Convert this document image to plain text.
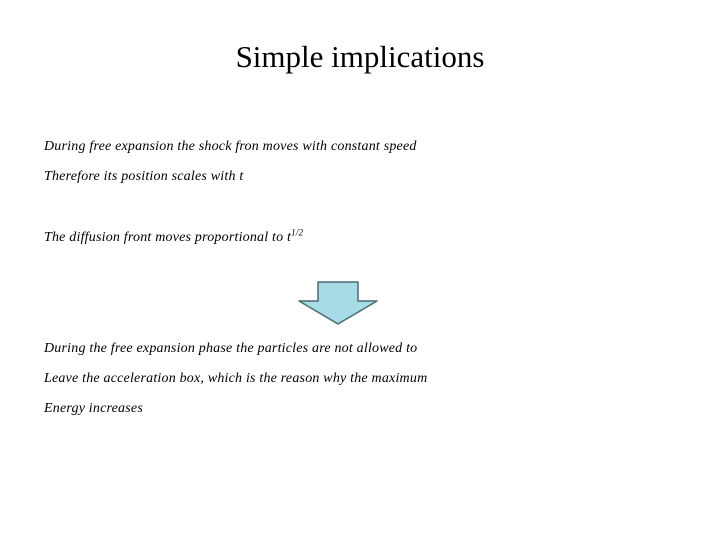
Simple implications
During free expansion the shock fron moves with constant speed
Therefore its position scales with t
The diffusion front moves proportional to $t^{1/2}$
During the free expansion phase the particles are not allowed to
Leave the acceleration box, which is the reason why the maximum
Energy increases
